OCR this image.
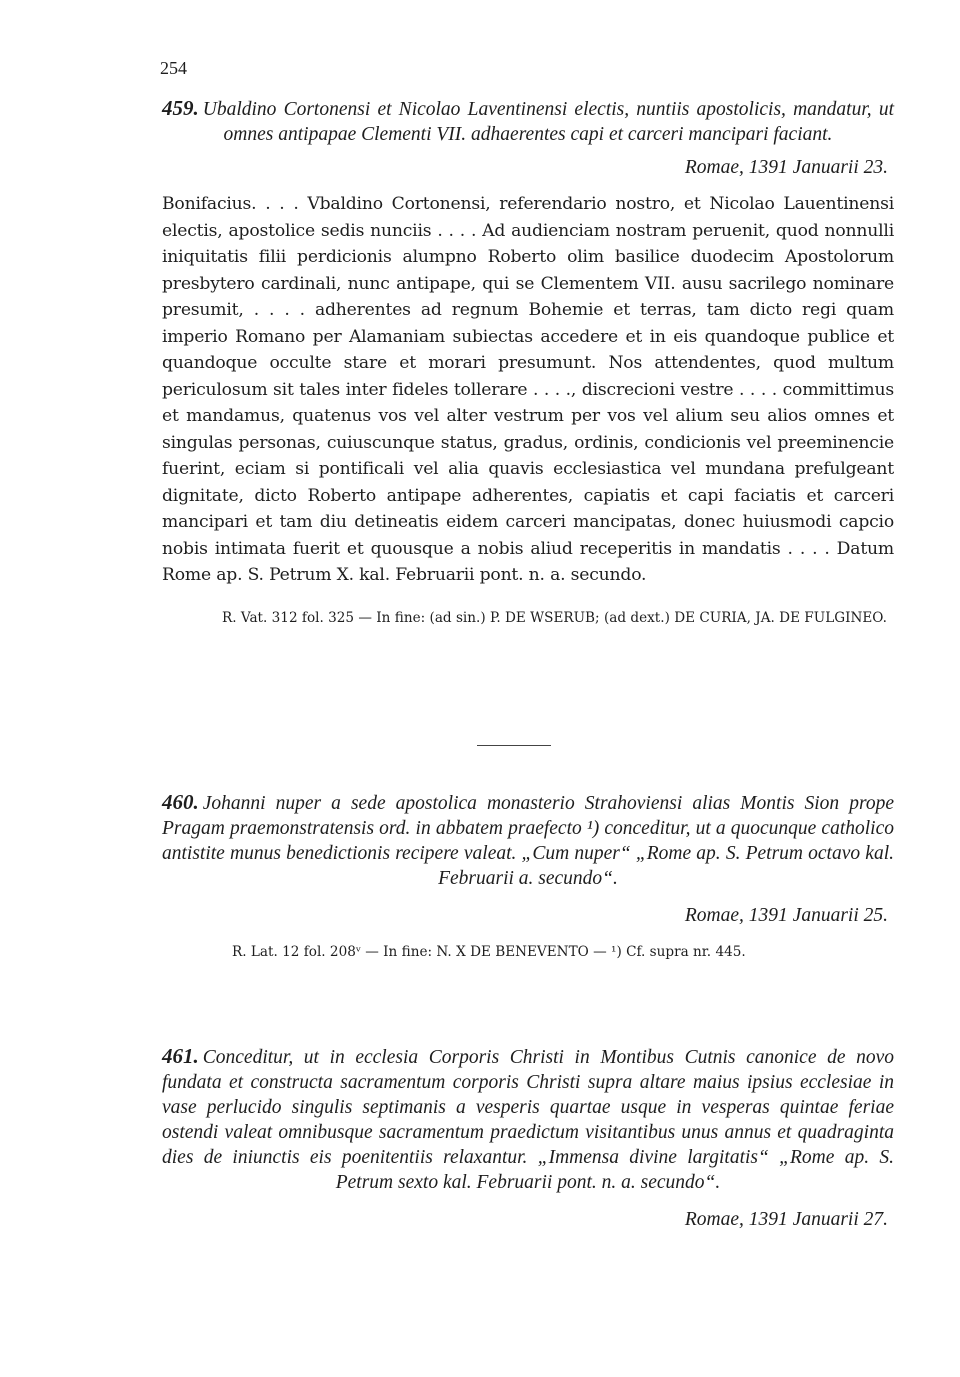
254

459. Ubaldino Cortonensi et Nicolao Laventinensi electis, nuntiis apostolicis, mandatur, ut omnes antipapae Clementi VII. adhaerentes capi et carceri mancipari faciant.

Romae, 1391 Januarii 23.

Bonifacius. . . . Vbaldino Cortonensi, referendario nostro, et Nicolao Lauentinensi electis, apostolice sedis nunciis . . . . Ad audienciam nostram peruenit, quod nonnulli iniquitatis filii perdicionis alumpno Roberto olim basilice duodecim Apostolorum presbytero cardinali, nunc antipape, qui se Clementem VII. ausu sacrilego nominare presumit, . . . . adherentes ad regnum Bohemie et terras, tam dicto regi quam imperio Romano per Alamaniam subiectas accedere et in eis quandoque publice et quandoque occulte stare et morari presumunt. Nos attendentes, quod multum periculosum sit tales inter fideles tollerare . . . ., discrecioni vestre . . . . committimus et mandamus, quatenus vos vel alter vestrum per vos vel alium seu alios omnes et singulas personas, cuiuscunque status, gradus, ordinis, condicionis vel preeminencie fuerint, eciam si pontificali vel alia quavis ecclesiastica vel mundana prefulgeant dignitate, dicto Roberto antipape adherentes, capiatis et capi faciatis et carceri mancipari et tam diu detineatis eidem carceri mancipatas, donec huiusmodi capcio nobis intimata fuerit et quousque a nobis aliud receperitis in mandatis . . . . Datum Rome ap. S. Petrum X. kal. Februarii pont. n. a. secundo.

R. Vat. 312 fol. 325 — In fine: (ad sin.) P. DE WSERUB; (ad dext.) DE CURIA, JA. DE FULGINEO.

460. Johanni nuper a sede apostolica monasterio Strahoviensi alias Montis Sion prope Pragam praemonstratensis ord. in abbatem praefecto ¹) conceditur, ut a quocunque catholico antistite munus benedictionis recipere valeat. „Cum nuper“ „Rome ap. S. Petrum octavo kal. Februarii a. secundo“.

Romae, 1391 Januarii 25.

R. Lat. 12 fol. 208ᵛ — In fine: N. X DE BENEVENTO — ¹) Cf. supra nr. 445.

461. Conceditur, ut in ecclesia Corporis Christi in Montibus Cutnis canonice de novo fundata et constructa sacramentum corporis Christi supra altare maius ipsius ecclesiae in vase perlucido singulis septimanis a vesperis quartae usque in vesperas quintae feriae ostendi valeat omnibusque sacramentum praedictum visitantibus unus annus et quadraginta dies de iniunctis eis poenitentiis relaxantur. „Immensa divine largitatis“ „Rome ap. S. Petrum sexto kal. Februarii pont. n. a. secundo“.

Romae, 1391 Januarii 27.
